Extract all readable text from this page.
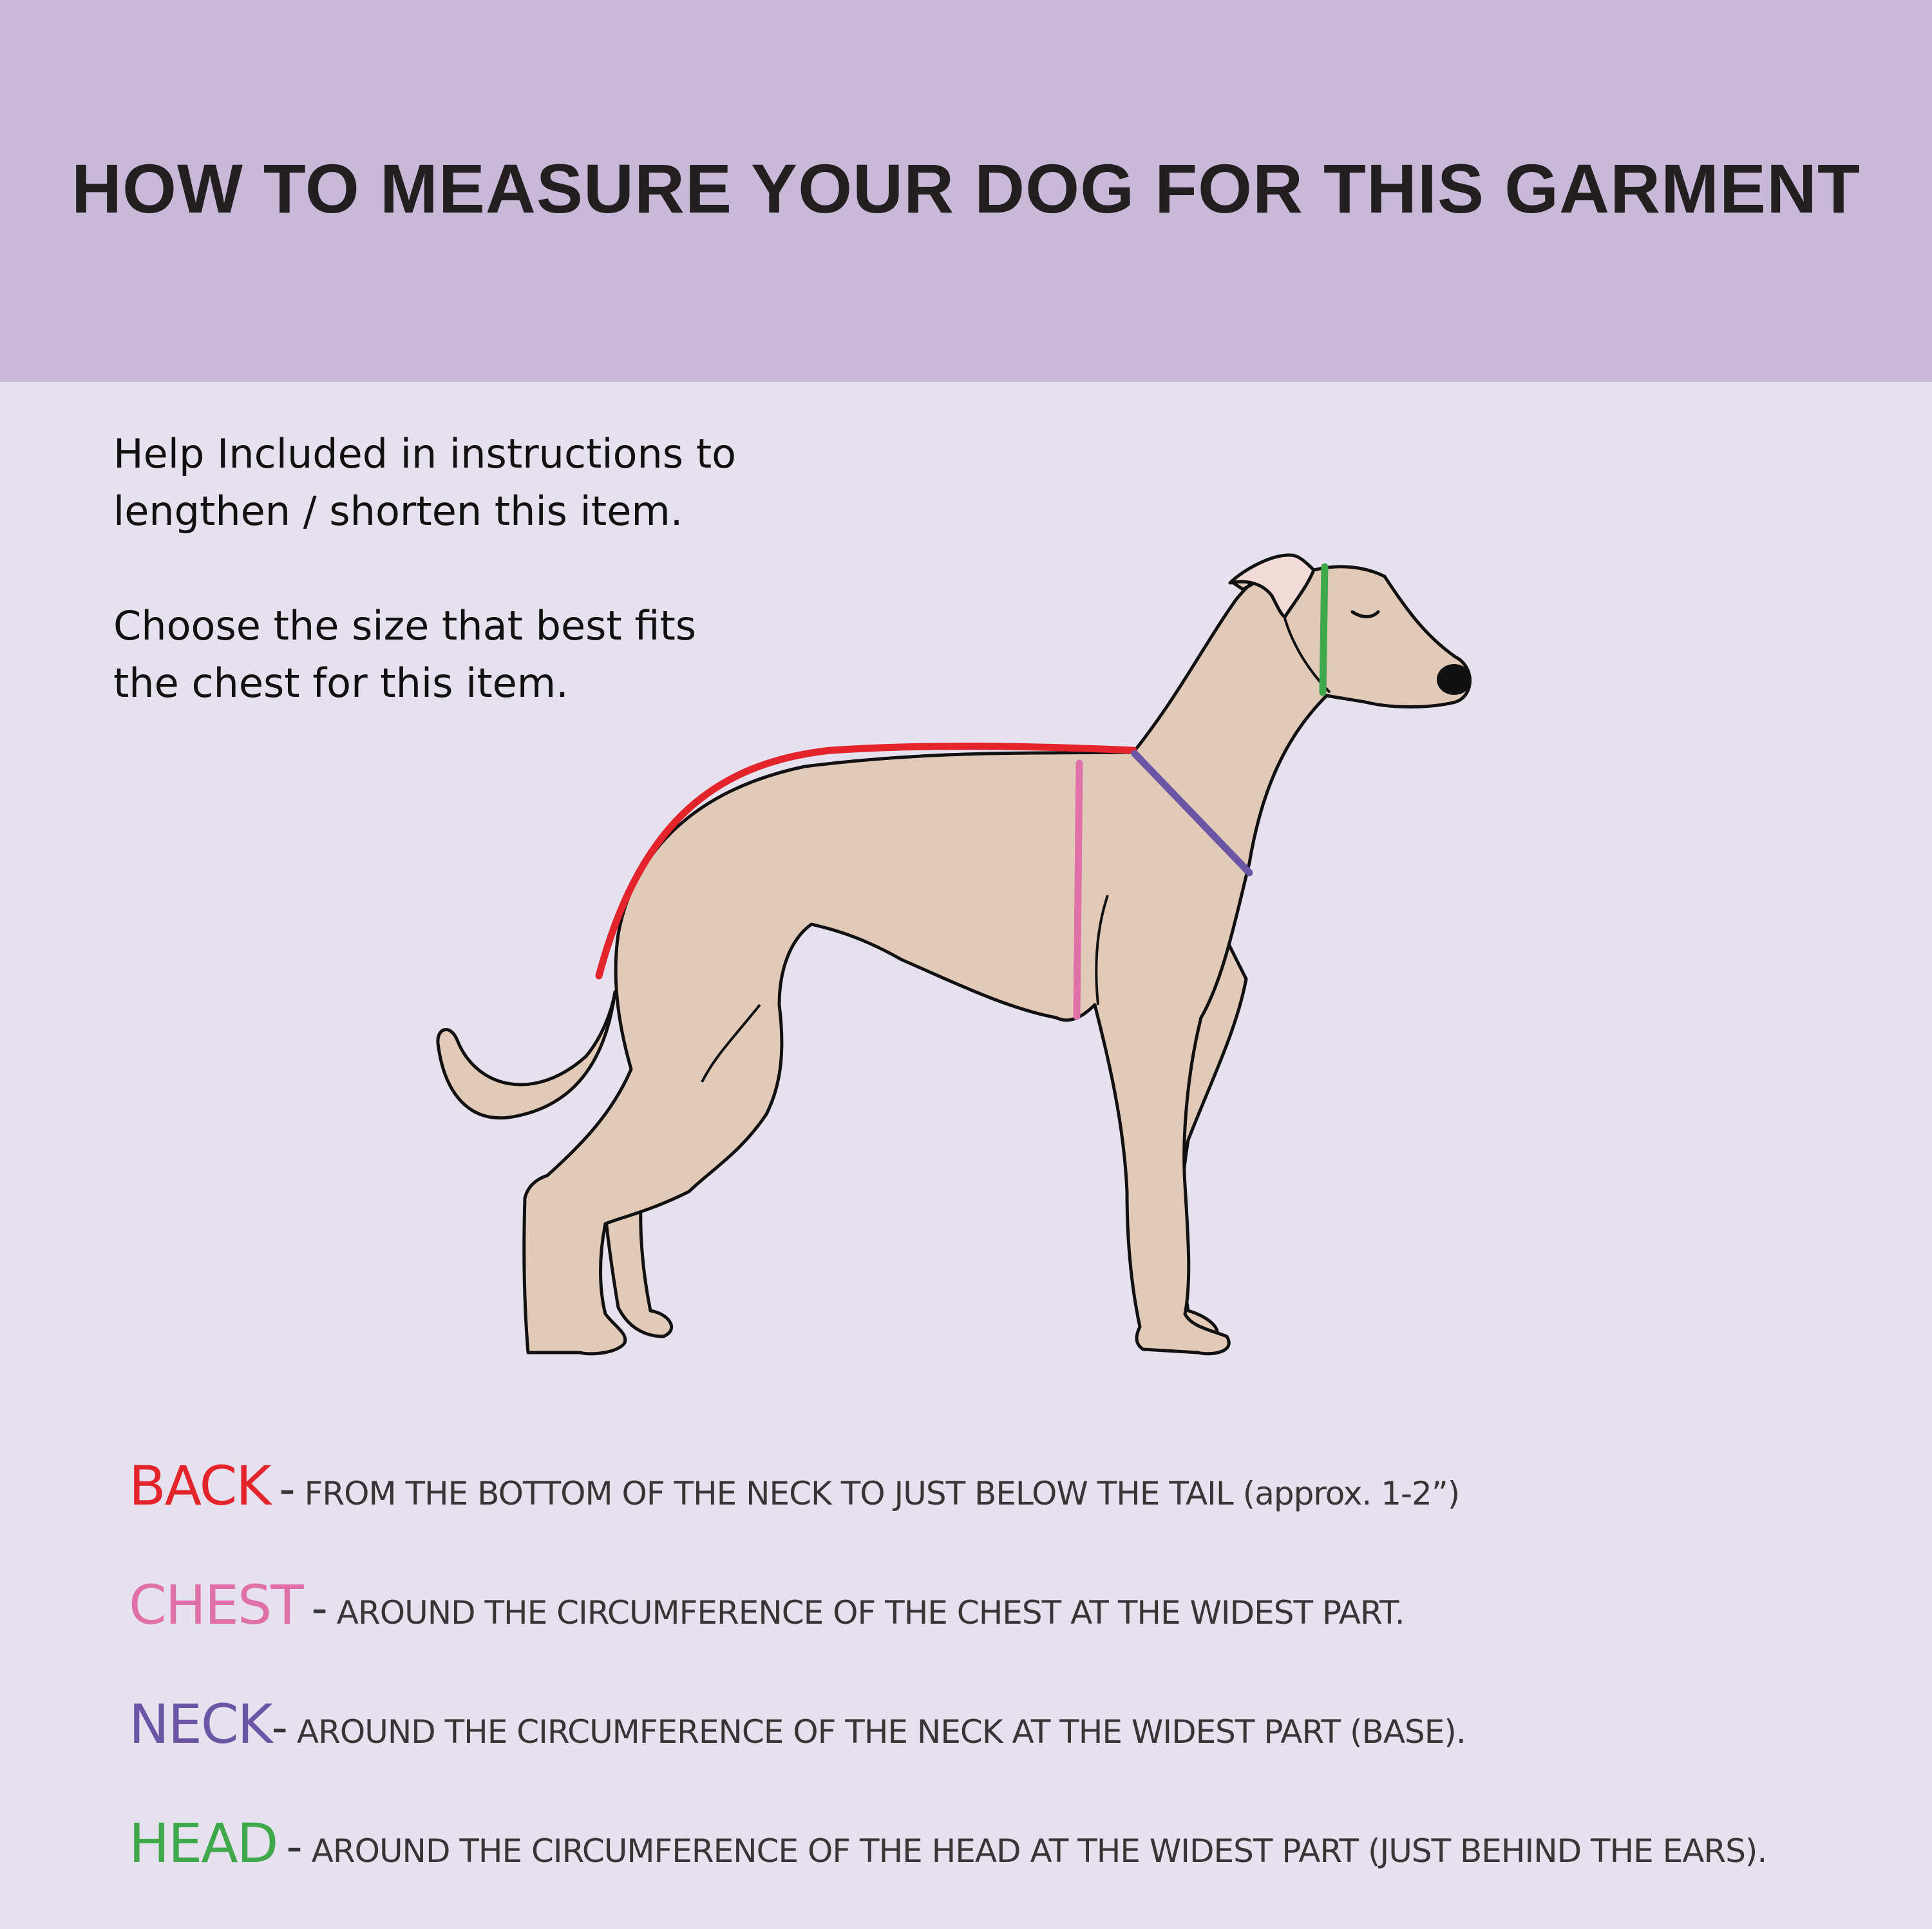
HOW TO MEASURE YOUR DOG FOR THIS GARMENT

Help Included in instructions to lengthen / shorten this item.

Choose the size that best fits the chest for this item.

BACK - FROM THE BOTTOM OF THE NECK TO JUST BELOW THE TAIL (approx. 1-2”)
CHEST - AROUND THE CIRCUMFERENCE OF THE CHEST AT THE WIDEST PART.
NECK- AROUND THE CIRCUMFERENCE OF THE NECK AT THE WIDEST PART (BASE).
HEAD - AROUND THE CIRCUMFERENCE OF THE HEAD AT THE WIDEST PART (JUST BEHIND THE EARS).
